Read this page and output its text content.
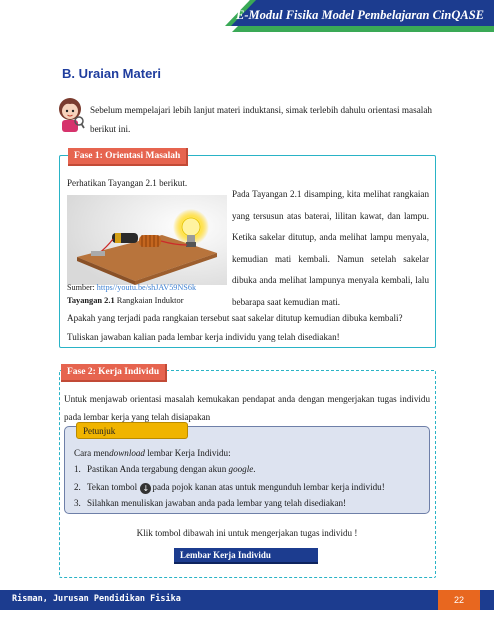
E-Modul Fisika Model Pembelajaran CinQASE
B. Uraian Materi
Sebelum mempelajari lebih lanjut materi induktansi, simak terlebih dahulu orientasi masalah berikut ini.
Fase 1: Orientasi Masalah
Perhatikan Tayangan 2.1 berikut.
Pada Tayangan 2.1 disamping, kita melihat rangkaian yang tersusun atas baterai, lilitan kawat, dan lampu. Ketika sakelar ditutup, anda melihat lampu menyala, kemudian mati kembali. Namun setelah sakelar dibuka anda melihat lampunya menyala kembali, lalu bebarapa saat kemudian mati.
Sumber: https//youtu.be/shJAV59NS6k
Tayangan 2.1 Rangkaian Induktor
Apakah yang terjadi pada rangkaian tersebut saat sakelar ditutup kemudian dibuka kembali? Tuliskan jawaban kalian pada lembar kerja individu yang telah disediakan!
Fase 2: Kerja Individu
Untuk menjawab orientasi masalah kemukakan pendapat anda dengan mengerjakan tugas individu pada lembar kerja yang telah disiapakan
Petunjuk
Cara mendownload lembar Kerja Individu:
1. Pastikan Anda tergabung dengan akun google.
2. Tekan tombol ↓ pada pojok kanan atas untuk mengunduh lembar kerja individu!
3. Silahkan menuliskan jawaban anda pada lembar yang telah disediakan!
Klik tombol dibawah ini untuk mengerjakan tugas individu !
Lembar Kerja Individu
Risman, Jurusan Pendidikan Fisika	22
